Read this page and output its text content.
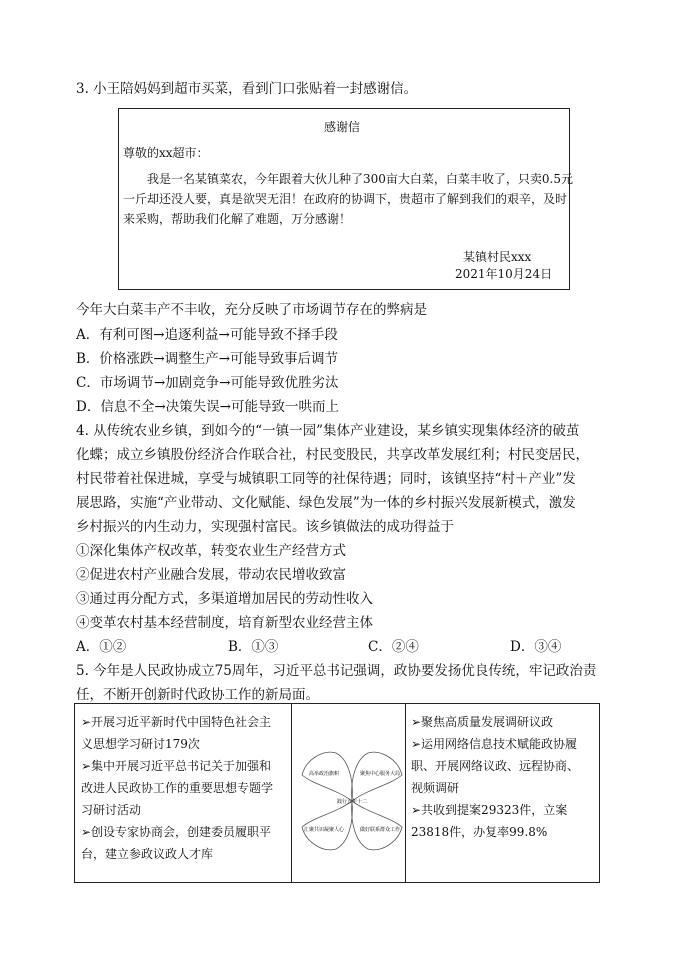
3. 小王陪妈妈到超市买菜，看到门口张贴着一封感谢信。
感谢信
尊敬的xx超市：
我是一名某镇菜农，今年跟着大伙儿种了300亩大白菜，白菜丰收了，只卖0.5元
一斤却还没人要，真是欲哭无泪！在政府的协调下，贵超市了解到我们的艰辛，及时
来采购，帮助我们化解了难题，万分感谢！
某镇村民xxx
2021年10月24日
今年大白菜丰产不丰收，充分反映了市场调节存在的弊病是
A．有利可图→追逐利益→可能导致不择手段
B．价格涨跌→调整生产→可能导致事后调节
C．市场调节→加剧竞争→可能导致优胜劣汰
D．信息不全→决策失误→可能导致一哄而上
4. 从传统农业乡镇，到如今的“一镇一园”集体产业建设，某乡镇实现集体经济的破茧
化蝶；成立乡镇股份经济合作联合社，村民变股民，共享改革发展红利；村民变居民，
村民带着社保进城，享受与城镇职工同等的社保待遇；同时，该镇坚持“村＋产业”发
展思路，实施“产业带动、文化赋能、绿色发展”为一体的乡村振兴发展新模式，激发
乡村振兴的内生动力，实现强村富民。该乡镇做法的成功得益于
①深化集体产权改革，转变农业生产经营方式
②促进农村产业融合发展，带动农民增收致富
③通过再分配方式，多渠道增加居民的劳动性收入
④变革农村基本经营制度，培育新型农业经营主体
A．①②	B．①③	C．②④	D．③④
5. 今年是人民政协成立75周年，习近平总书记强调，政协要发扬优良传统，牢记政治责
任，不断开创新时代政协工作的新局面。
➢开展习近平新时代中国特色社会主
义思想学习研讨179次
➢集中开展习近平总书记关于加强和
改进人民政协工作的重要思想专题学
习研讨活动
➢创设专家协商会，创建委员履职平
台，建立参政议政人才库
➢聚焦高质量发展调研议政
➢运用网络信息技术赋能政协履
职、开展网络议政、远程协商、
视频调研
➢共收到提案29323件，立案
23818件，办复率99.8%
高举政治旗帜	聚焦中心服务大局
汇聚共识凝聚人心	做好联系群众工作
践行五年十二
